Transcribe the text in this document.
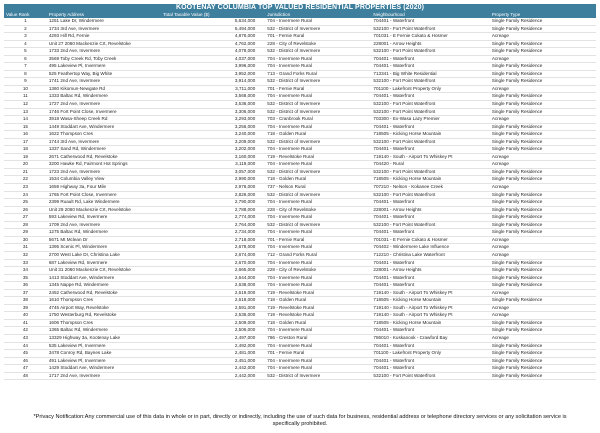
KOOTENAY COLUMBIA TOP VALUED RESIDENTIAL PROPERTIES (2020)
Value Rank	Property Address	Total Taxable Value ($)	Jurisdiction	Neighbourhood	Property Type
1	1251 Lake Dr, Windermere	5,634,000	704 - Invermere Rural	704401 - Waterfront	Single Family Residence
2	1734 3rd Ave, Invermere	5,494,000	532 - District of Invermere	532100 - Fort Point Waterfront	Single Family Residence
3	4293 Hill Rd, Fernie	4,876,000	701 - Fernie Rural	701031 - E Fernie Cokato & Hosmer	Acreage
4	Unit 27 2060 Mackenzie Crt, Revelstoke	4,762,000	228 - City of Revelstoke	228001 - Arrow Heights	Single Family Residence
5	1733 2nd Ave, Invermere	4,078,000	532 - District of Invermere	532100 - Fort Point Waterfront	Single Family Residence
6	3569 Toby Creek Rd, Toby Creek	4,037,000	704 - Invermere Rural	704401 - Waterfront	Acreage
7	495 Lakeview Pl, Invermere	3,996,000	704 - Invermere Rural	704401 - Waterfront	Single Family Residence
8	525 Feathertop Way, Big White	3,952,000	713 - Grand Forks Rural	713341 - Big White Residential	Single Family Residence
9	1741 2nd Ave, Invermere	3,914,000	532 - District of Invermere	532100 - Fort Point Waterfront	Single Family Residence
10	1360 Kikomun-Newgate Rd	3,711,000	701 - Fernie Rural	701100 - Lakefront Property Only	Acreage
11	1333 Baltac Rd, Windermere	3,568,000	704 - Invermere Rural	704401 - Waterfront	Single Family Residence
12	1727 2nd Ave, Invermere	3,536,000	532 - District of Invermere	532100 - Fort Point Waterfront	Single Family Residence
13	1746 Fort Point Close, Invermere	3,306,000	532 - District of Invermere	532100 - Fort Point Waterfront	Single Family Residence
14	3918 Wasa-Sheep Creek Rd	3,293,000	703 - Cranbrook Rural	703300 - Ex-Wasa Lazy Premier	Acreage
15	1449 Stoddart Ave, Windermere	3,256,000	704 - Invermere Rural	704401 - Waterfront	Single Family Residence
16	1622 Thompson Cres	3,240,000	718 - Golden Rural	718505 - Kicking Horse Mountain	Single Family Residence
17	1744 3rd Ave, Invermere	3,209,000	532 - District of Invermere	532100 - Fort Point Waterfront	Single Family Residence
18	1337 Sand Rd, Windermere	3,202,000	704 - Invermere Rural	704401 - Waterfront	Single Family Residence
19	2671 Catherwood Rd, Revelstoke	3,160,000	719 - Revelstoke Rural	719140 - South - Airport To Whiskey Pt	Acreage
20	3200 Hawke Rd, Fairmont Hot Springs	3,119,000	704 - Invermere Rural	704420 - Rural	Acreage
21	1723 2nd Ave, Invermere	3,057,000	532 - District of Invermere	532100 - Fort Point Waterfront	Single Family Residence
22	1534 Columbia Valley View	2,990,000	718 - Golden Rural	718505 - Kicking Horse Mountain	Single Family Residence
23	1659 Highway 3a, Four Mile	2,976,000	737 - Nelson Rural	707210 - Nelson - Kokanee Creek	Acreage
24	1765 Fort Point Close, Invermere	2,826,000	532 - District of Invermere	532100 - Fort Point Waterfront	Single Family Residence
25	2399 Ruault Rd, Lake Windermere	2,790,000	704 - Invermere Rural	704401 - Waterfront	Single Family Residence
26	Unit 29 2060 Mackenzie Crt, Revelstoke	2,788,000	228 - City of Revelstoke	228001 - Arrow Heights	Single Family Residence
27	593 Lakeview Rd, Invermere	2,774,000	704 - Invermere Rural	704401 - Waterfront	Single Family Residence
28	1709 2nd Ave, Invermere	2,764,000	532 - District of Invermere	532100 - Fort Point Waterfront	Single Family Residence
29	1275 Baltac Rd, Windermere	2,734,000	704 - Invermere Rural	704401 - Waterfront	Single Family Residence
30	5671 Mt Mclean Dr	2,718,000	701 - Fernie Rural	701031 - E Fernie Cokato & Hosmer	Acreage
31	1395 Scenic Pl, Windermere	2,678,000	704 - Invermere Rural	704402 - Windermere Lake Influence	Acreage
32	2700 West Lake Dr, Christina Lake	2,674,000	712 - Grand Forks Rural	712210 - Christina Lake Waterfront	Acreage
33	687 Lakeview Rd, Invermere	2,670,000	704 - Invermere Rural	704401 - Waterfront	Single Family Residence
34	Unit 31 2060 Mackenzie Crt, Revelstoke	2,665,000	228 - City of Revelstoke	228001 - Arrow Heights	Single Family Residence
35	1413 Stoddart Ave, Windermere	2,644,000	704 - Invermere Rural	704401 - Waterfront	Single Family Residence
36	1345 Nappe Rd, Windermere	2,638,000	704 - Invermere Rural	704401 - Waterfront	Single Family Residence
37	2452 Catherwood Rd, Revelstoke	2,619,000	719 - Revelstoke Rural	719140 - South - Airport To Whiskey Pt	Acreage
38	1610 Thompson Cres	2,618,000	718 - Golden Rural	718505 - Kicking Horse Mountain	Single Family Residence
39	4745 Airport Way, Revelstoke	2,591,000	719 - Revelstoke Rural	719140 - South - Airport To Whiskey Pt	Acreage
40	1750 Westerburg Rd, Revelstoke	2,536,000	719 - Revelstoke Rural	719140 - South - Airport To Whiskey Pt	Acreage
41	1606 Thompson Cres	2,509,000	718 - Golden Rural	718505 - Kicking Horse Mountain	Single Family Residence
42	1365 Baltac Rd, Windermere	2,506,000	704 - Invermere Rural	704401 - Waterfront	Single Family Residence
43	13329 Highway 3a, Kootenay Lake	2,497,000	786 - Creston Rural	786010 - Kuskanook - Crawford Bay	Acreage
44	535 Lakeview Pl, Invermere	2,492,000	704 - Invermere Rural	704401 - Waterfront	Single Family Residence
45	3478 Conroy Rd, Baynes Lake	2,481,000	701 - Fernie Rural	701100 - Lakefront Property Only	Single Family Residence
46	491 Lakeview Pl, Invermere	2,451,000	704 - Invermere Rural	704401 - Waterfront	Single Family Residence
47	1429 Stoddart Ave, Windermere	2,442,000	704 - Invermere Rural	704401 - Waterfront	Single Family Residence
48	1717 2nd Ave, Invermere	2,442,000	532 - District of Invermere	532100 - Fort Point Waterfront	Single Family Residence
*Privacy Notification:Any commercial use of this data in whole or in part, directly or indirectly, including the use of such data for business, residential address or telephone directory services or any solicitation service is specifically prohibited.
